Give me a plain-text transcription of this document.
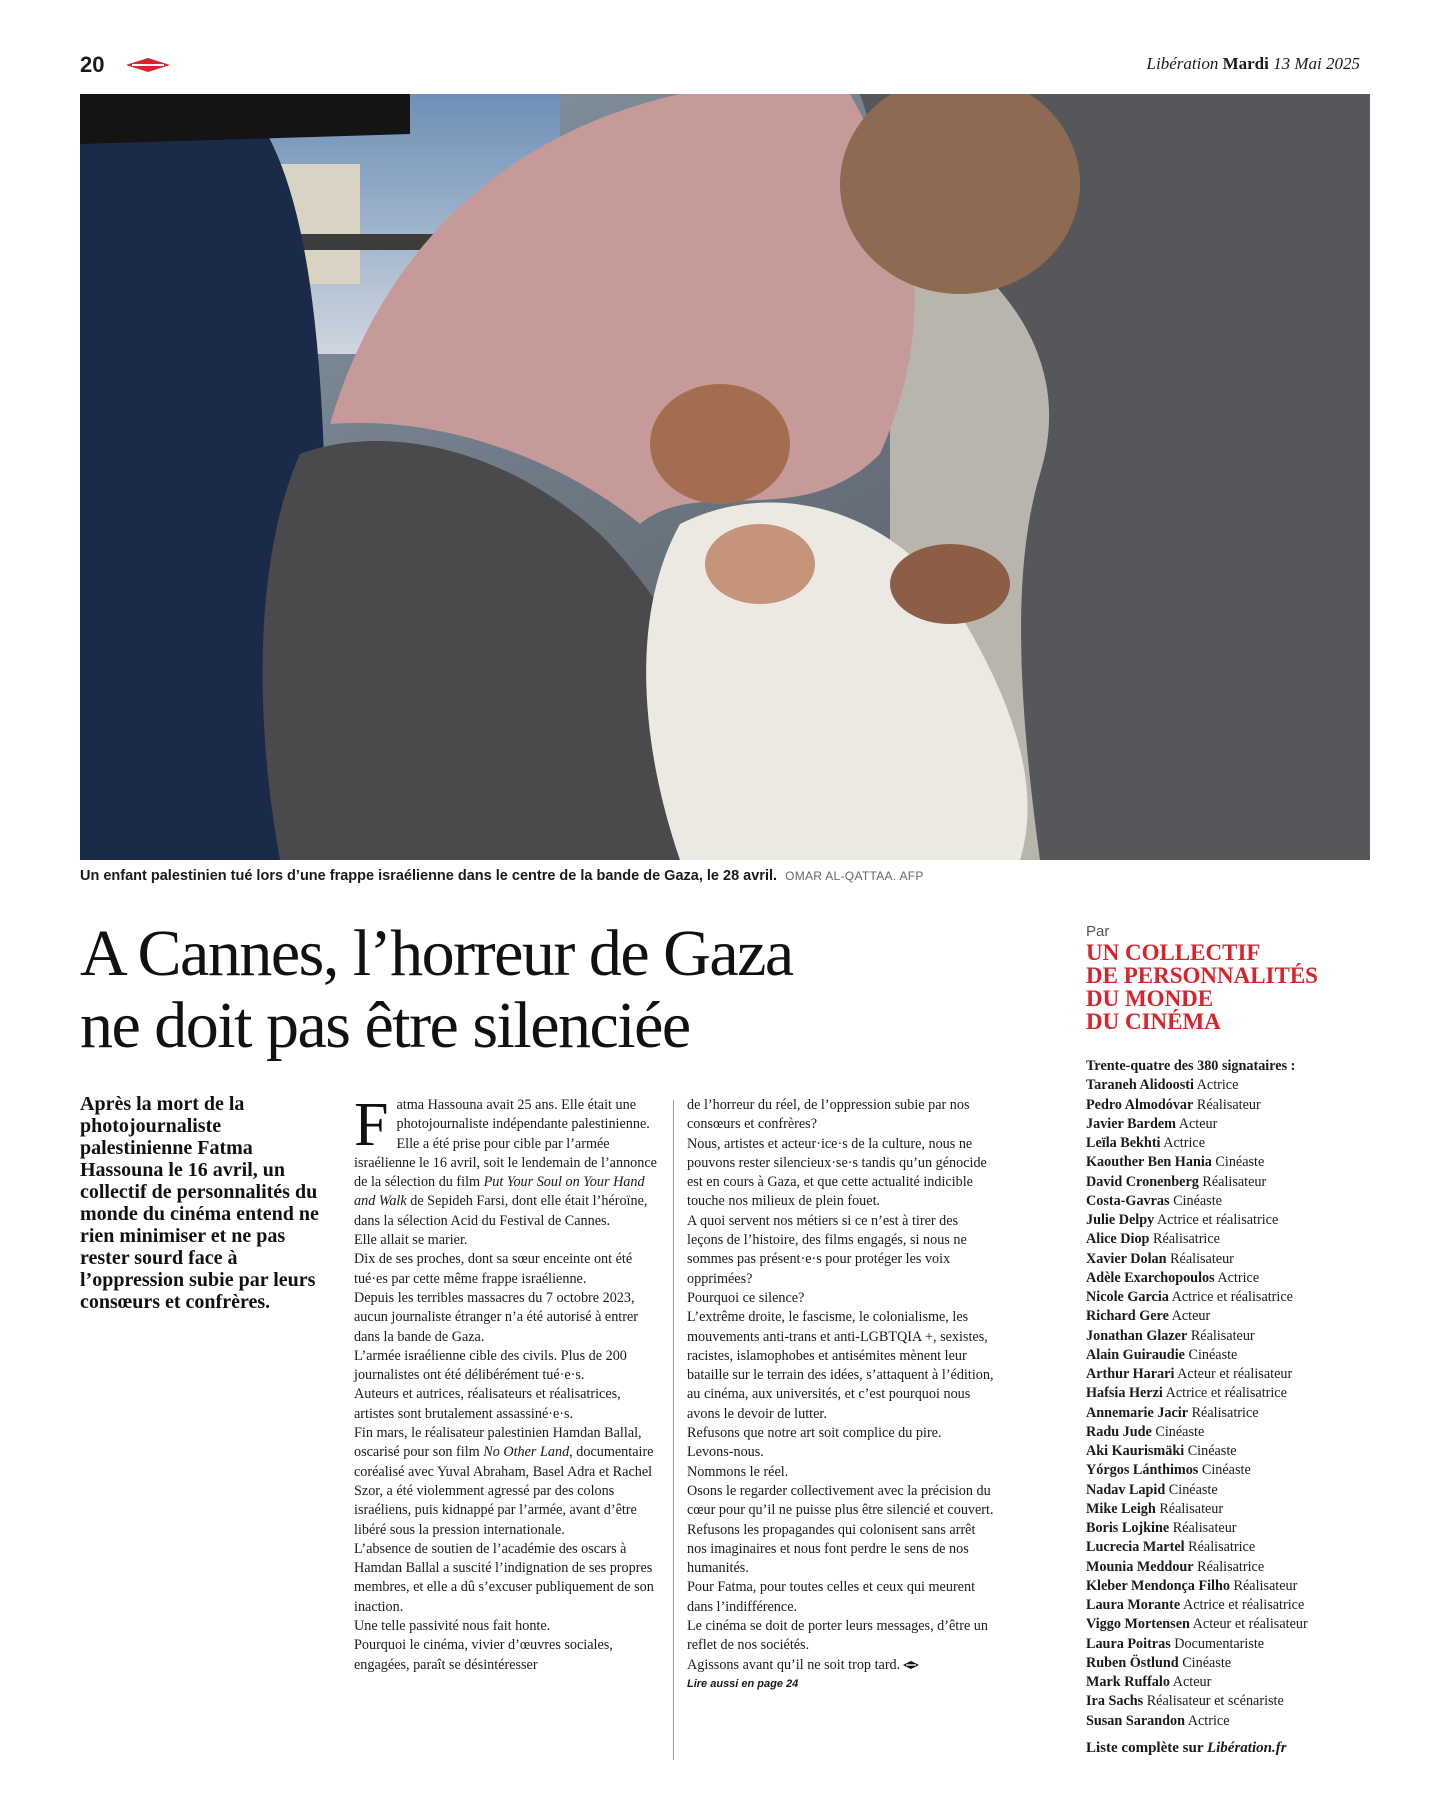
20	Libération Mardi 13 Mai 2025
Un enfant palestinien tué lors d’une frappe israélienne dans le centre de la bande de Gaza, le 28 avril. OMAR AL-QATTAA. AFP
A Cannes, l’horreur de Gaza
ne doit pas être silenciée
Par
UN COLLECTIF
DE PERSONNALITÉS
DU MONDE
DU CINÉMA
Après la mort de la photojournaliste palestinienne Fatma Hassouna le 16 avril, un collectif de personnalités du monde du cinéma entend ne rien minimiser et ne pas rester sourd face à l’oppression subie par leurs consœurs et confrères.

Fatma Hassouna avait 25 ans. Elle était une photojournaliste indépendante palestinienne. Elle a été prise pour cible par l’armée israélienne le 16 avril, soit le lendemain de l’annonce de la sélection du film Put Your Soul on Your Hand and Walk de Sepideh Farsi, dont elle était l’héroïne, dans la sélection Acid du Festival de Cannes.

Elle allait se marier.

Dix de ses proches, dont sa sœur enceinte ont été tué·es par cette même frappe israélienne.

Depuis les terribles massacres du 7 octobre 2023, aucun journaliste étranger n’a été autorisé à entrer dans la bande de Gaza.

L’armée israélienne cible des civils. Plus de 200 journalistes ont été délibérément tué·e·s.

Auteurs et autrices, réalisateurs et réalisatrices, artistes sont brutalement assassiné·e·s.

Fin mars, le réalisateur palestinien Hamdan Ballal, oscarisé pour son film No Other Land, documentaire coréalisé avec Yuval Abraham, Basel Adra et Rachel Szor, a été violemment agressé par des colons israéliens, puis kidnappé par l’armée, avant d’être libéré sous la pression internationale.

L’absence de soutien de l’académie des oscars à Hamdan Ballal a suscité l’indignation de ses propres membres, et elle a dû s’excuser publiquement de son inaction.

Une telle passivité nous fait honte.

Pourquoi le cinéma, vivier d’œuvres sociales, engagées, paraît se désintéresser

de l’horreur du réel, de l’oppression subie par nos consœurs et confrères?

Nous, artistes et acteur·ice·s de la culture, nous ne pouvons rester silencieux·se·s tandis qu’un génocide est en cours à Gaza, et que cette actualité indicible touche nos milieux de plein fouet.

A quoi servent nos métiers si ce n’est à tirer des leçons de l’histoire, des films engagés, si nous ne sommes pas présent·e·s pour protéger les voix opprimées?

Pourquoi ce silence?

L’extrême droite, le fascisme, le colonialisme, les mouvements anti-trans et anti-LGBTQIA +, sexistes, racistes, islamophobes et antisémites mènent leur bataille sur le terrain des idées, s’attaquent à l’édition, au cinéma, aux universités, et c’est pourquoi nous avons le devoir de lutter.

Refusons que notre art soit complice du pire.

Levons-nous.

Nommons le réel.

Osons le regarder collectivement avec la précision du cœur pour qu’il ne puisse plus être silencié et couvert.

Refusons les propagandes qui colonisent sans arrêt nos imaginaires et nous font perdre le sens de nos humanités.

Pour Fatma, pour toutes celles et ceux qui meurent dans l’indifférence.

Le cinéma se doit de porter leurs messages, d’être un reflet de nos sociétés.

Agissons avant qu’il ne soit trop tard.

Lire aussi en page 24

Trente-quatre des 380 signataires :
Taraneh Alidoosti Actrice
Pedro Almodóvar Réalisateur
Javier Bardem Acteur
Leïla Bekhti Actrice
Kaouther Ben Hania Cinéaste
David Cronenberg Réalisateur
Costa-Gavras Cinéaste
Julie Delpy Actrice et réalisatrice
Alice Diop Réalisatrice
Xavier Dolan Réalisateur
Adèle Exarchopoulos Actrice
Nicole Garcia Actrice et réalisatrice
Richard Gere Acteur
Jonathan Glazer Réalisateur
Alain Guiraudie Cinéaste
Arthur Harari Acteur et réalisateur
Hafsia Herzi Actrice et réalisatrice
Annemarie Jacir Réalisatrice
Radu Jude Cinéaste
Aki Kaurismäki Cinéaste
Yórgos Lánthimos Cinéaste
Nadav Lapid Cinéaste
Mike Leigh Réalisateur
Boris Lojkine Réalisateur
Lucrecia Martel Réalisatrice
Mounia Meddour Réalisatrice
Kleber Mendonça Filho Réalisateur
Laura Morante Actrice et réalisatrice
Viggo Mortensen Acteur et réalisateur
Laura Poitras Documentariste
Ruben Östlund Cinéaste
Mark Ruffalo Acteur
Ira Sachs Réalisateur et scénariste
Susan Sarandon Actrice
Liste complète sur Libération.fr
